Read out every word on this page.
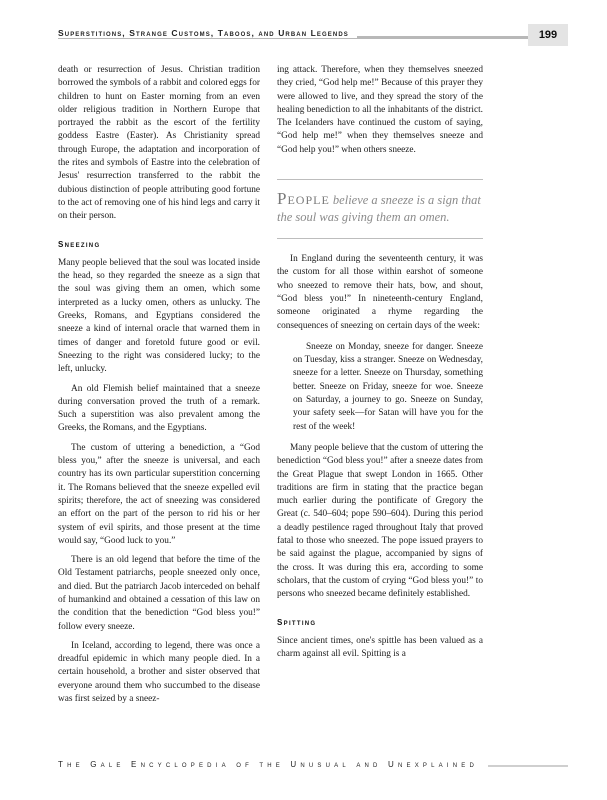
Superstitions, Strange Customs, Taboos, and Urban Legends	199

death or resurrection of Jesus. Christian tradition borrowed the symbols of a rabbit and colored eggs for children to hunt on Easter morning from an even older religious tradition in Northern Europe that portrayed the rabbit as the escort of the fertility goddess Eastre (Easter). As Christianity spread through Europe, the adaptation and incorporation of the rites and symbols of Eastre into the celebration of Jesus' resurrection transferred to the rabbit the dubious distinction of people attributing good fortune to the act of removing one of his hind legs and carry it on their person.

Sneezing

Many people believed that the soul was located inside the head, so they regarded the sneeze as a sign that the soul was giving them an omen, which some interpreted as a lucky omen, others as unlucky. The Greeks, Romans, and Egyptians considered the sneeze a kind of internal oracle that warned them in times of danger and foretold future good or evil. Sneezing to the right was considered lucky; to the left, unlucky.

An old Flemish belief maintained that a sneeze during conversation proved the truth of a remark. Such a superstition was also prevalent among the Greeks, the Romans, and the Egyptians.

The custom of uttering a benediction, a “God bless you,” after the sneeze is universal, and each country has its own particular superstition concerning it. The Romans believed that the sneeze expelled evil spirits; therefore, the act of sneezing was considered an effort on the part of the person to rid his or her system of evil spirits, and those present at the time would say, “Good luck to you.”

There is an old legend that before the time of the Old Testament patriarchs, people sneezed only once, and died. But the patriarch Jacob interceded on behalf of humankind and obtained a cessation of this law on the condition that the benediction “God bless you!” follow every sneeze.

In Iceland, according to legend, there was once a dreadful epidemic in which many people died. In a certain household, a brother and sister observed that everyone around them who succumbed to the disease was first seized by a sneez-

ing attack. Therefore, when they themselves sneezed they cried, “God help me!” Because of this prayer they were allowed to live, and they spread the story of the healing benediction to all the inhabitants of the district. The Icelanders have continued the custom of saying, “God help me!” when they themselves sneeze and “God help you!” when others sneeze.

People believe a sneeze is a sign that the soul was giving them an omen.

In England during the seventeenth century, it was the custom for all those within earshot of someone who sneezed to remove their hats, bow, and shout, “God bless you!” In nineteenth-century England, someone originated a rhyme regarding the consequences of sneezing on certain days of the week:

Sneeze on Monday, sneeze for danger. Sneeze on Tuesday, kiss a stranger. Sneeze on Wednesday, sneeze for a letter. Sneeze on Thursday, something better. Sneeze on Friday, sneeze for woe. Sneeze on Saturday, a journey to go. Sneeze on Sunday, your safety seek—for Satan will have you for the rest of the week!

Many people believe that the custom of uttering the benediction “God bless you!” after a sneeze dates from the Great Plague that swept London in 1665. Other traditions are firm in stating that the practice began much earlier during the pontificate of Gregory the Great (c. 540–604; pope 590–604). During this period a deadly pestilence raged throughout Italy that proved fatal to those who sneezed. The pope issued prayers to be said against the plague, accompanied by signs of the cross. It was during this era, according to some scholars, that the custom of crying “God bless you!” to persons who sneezed became definitely established.

Spitting

Since ancient times, one's spittle has been valued as a charm against all evil. Spitting is a

The Gale Encyclopedia of the Unusual and Unexplained
